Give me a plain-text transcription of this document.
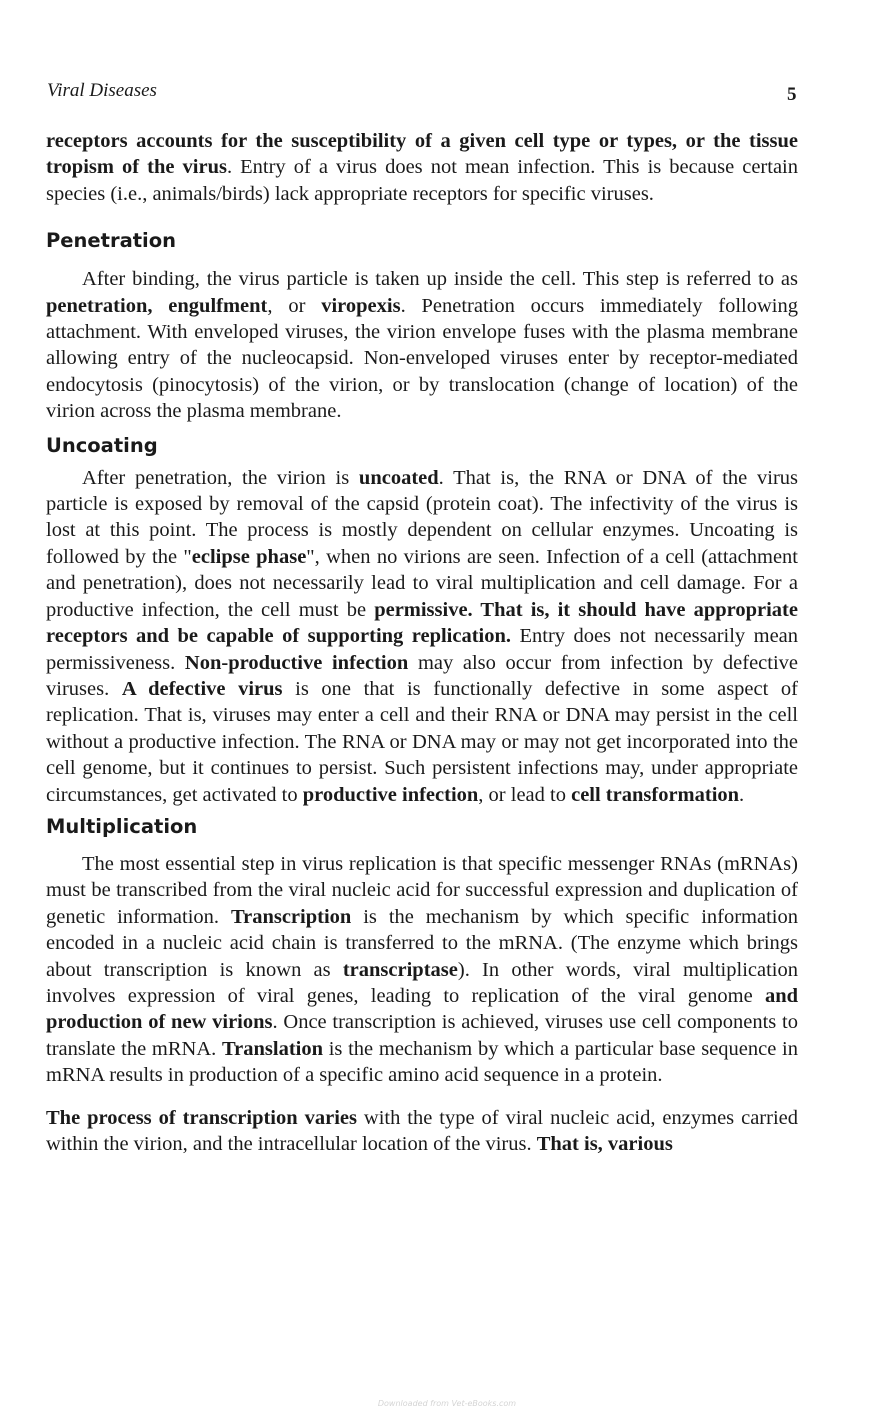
Viral Diseases	5

receptors accounts for the susceptibility of a given cell type or types, or the tissue tropism of the virus. Entry of a virus does not mean infection. This is because certain species (i.e., animals/birds) lack appropriate receptors for specific viruses.

Penetration

After binding, the virus particle is taken up inside the cell. This step is referred to as penetration, engulfment, or viropexis. Penetration occurs immediately following attachment. With enveloped viruses, the virion envelope fuses with the plasma membrane allowing entry of the nucleocapsid. Non-enveloped viruses enter by receptor-mediated endocytosis (pinocytosis) of the virion, or by translocation (change of location) of the virion across the plasma membrane.

Uncoating

After penetration, the virion is uncoated. That is, the RNA or DNA of the virus particle is exposed by removal of the capsid (protein coat). The infectivity of the virus is lost at this point. The process is mostly dependent on cellular enzymes. Uncoating is followed by the "eclipse phase", when no virions are seen. Infection of a cell (attachment and penetration), does not necessarily lead to viral multiplication and cell damage. For a productive infection, the cell must be permissive. That is, it should have appropriate receptors and be capable of supporting replication. Entry does not necessarily mean permissiveness. Non-productive infection may also occur from infection by defective viruses. A defective virus is one that is functionally defective in some aspect of replication. That is, viruses may enter a cell and their RNA or DNA may persist in the cell without a productive infection. The RNA or DNA may or may not get incorporated into the cell genome, but it continues to persist. Such persistent infections may, under appropriate circumstances, get activated to productive infection, or lead to cell transformation.

Multiplication

The most essential step in virus replication is that specific messenger RNAs (mRNAs) must be transcribed from the viral nucleic acid for successful expression and duplication of genetic information. Transcription is the mechanism by which specific information encoded in a nucleic acid chain is transferred to the mRNA. (The enzyme which brings about transcription is known as transcriptase). In other words, viral multiplication involves expression of viral genes, leading to replication of the viral genome and production of new virions. Once transcription is achieved, viruses use cell components to translate the mRNA. Translation is the mechanism by which a particular base sequence in mRNA results in production of a specific amino acid sequence in a protein.

The process of transcription varies with the type of viral nucleic acid, enzymes carried within the virion, and the intracellular location of the virus. That is, various

Downloaded from Vet-eBooks.com
